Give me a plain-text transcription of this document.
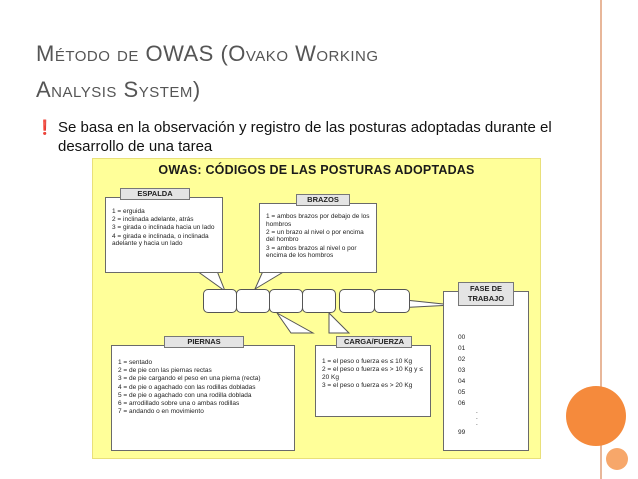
Método de OWAS (Ovako Working
Analysis System)
❗ Se basa en la observación y registro de las posturas adoptadas durante el desarrollo de una tarea
OWAS: CÓDIGOS DE LAS POSTURAS ADOPTADAS
ESPALDA
1 = erguida
2 = inclinada adelante, atrás
3 = girada o inclinada hacia un lado
4 = girada e inclinada, o inclinada adelante y hacia un lado
BRAZOS
1 = ambos brazos por debajo de los hombros
2 = un brazo al nivel o por encima del hombro
3 = ambos brazos al nivel o por encima de los hombros
PIERNAS
1 = sentado
2 = de pie con las piernas rectas
3 = de pie cargando el peso en una pierna (recta)
4 = de pie o agachado con las rodillas dobladas
5 = de pie o agachado con una rodilla doblada
6 = arrodillado sobre una o ambas rodillas
7 = andando o en movimiento
CARGA/FUERZA
1 = el peso o fuerza es ≤ 10 Kg
2 = el peso o fuerza es > 10 Kg y ≤ 20 Kg
3 = el peso o fuerza es > 20 Kg
FASE DE TRABAJO
00
01
02
03
04
05
06
.
.
.
99
